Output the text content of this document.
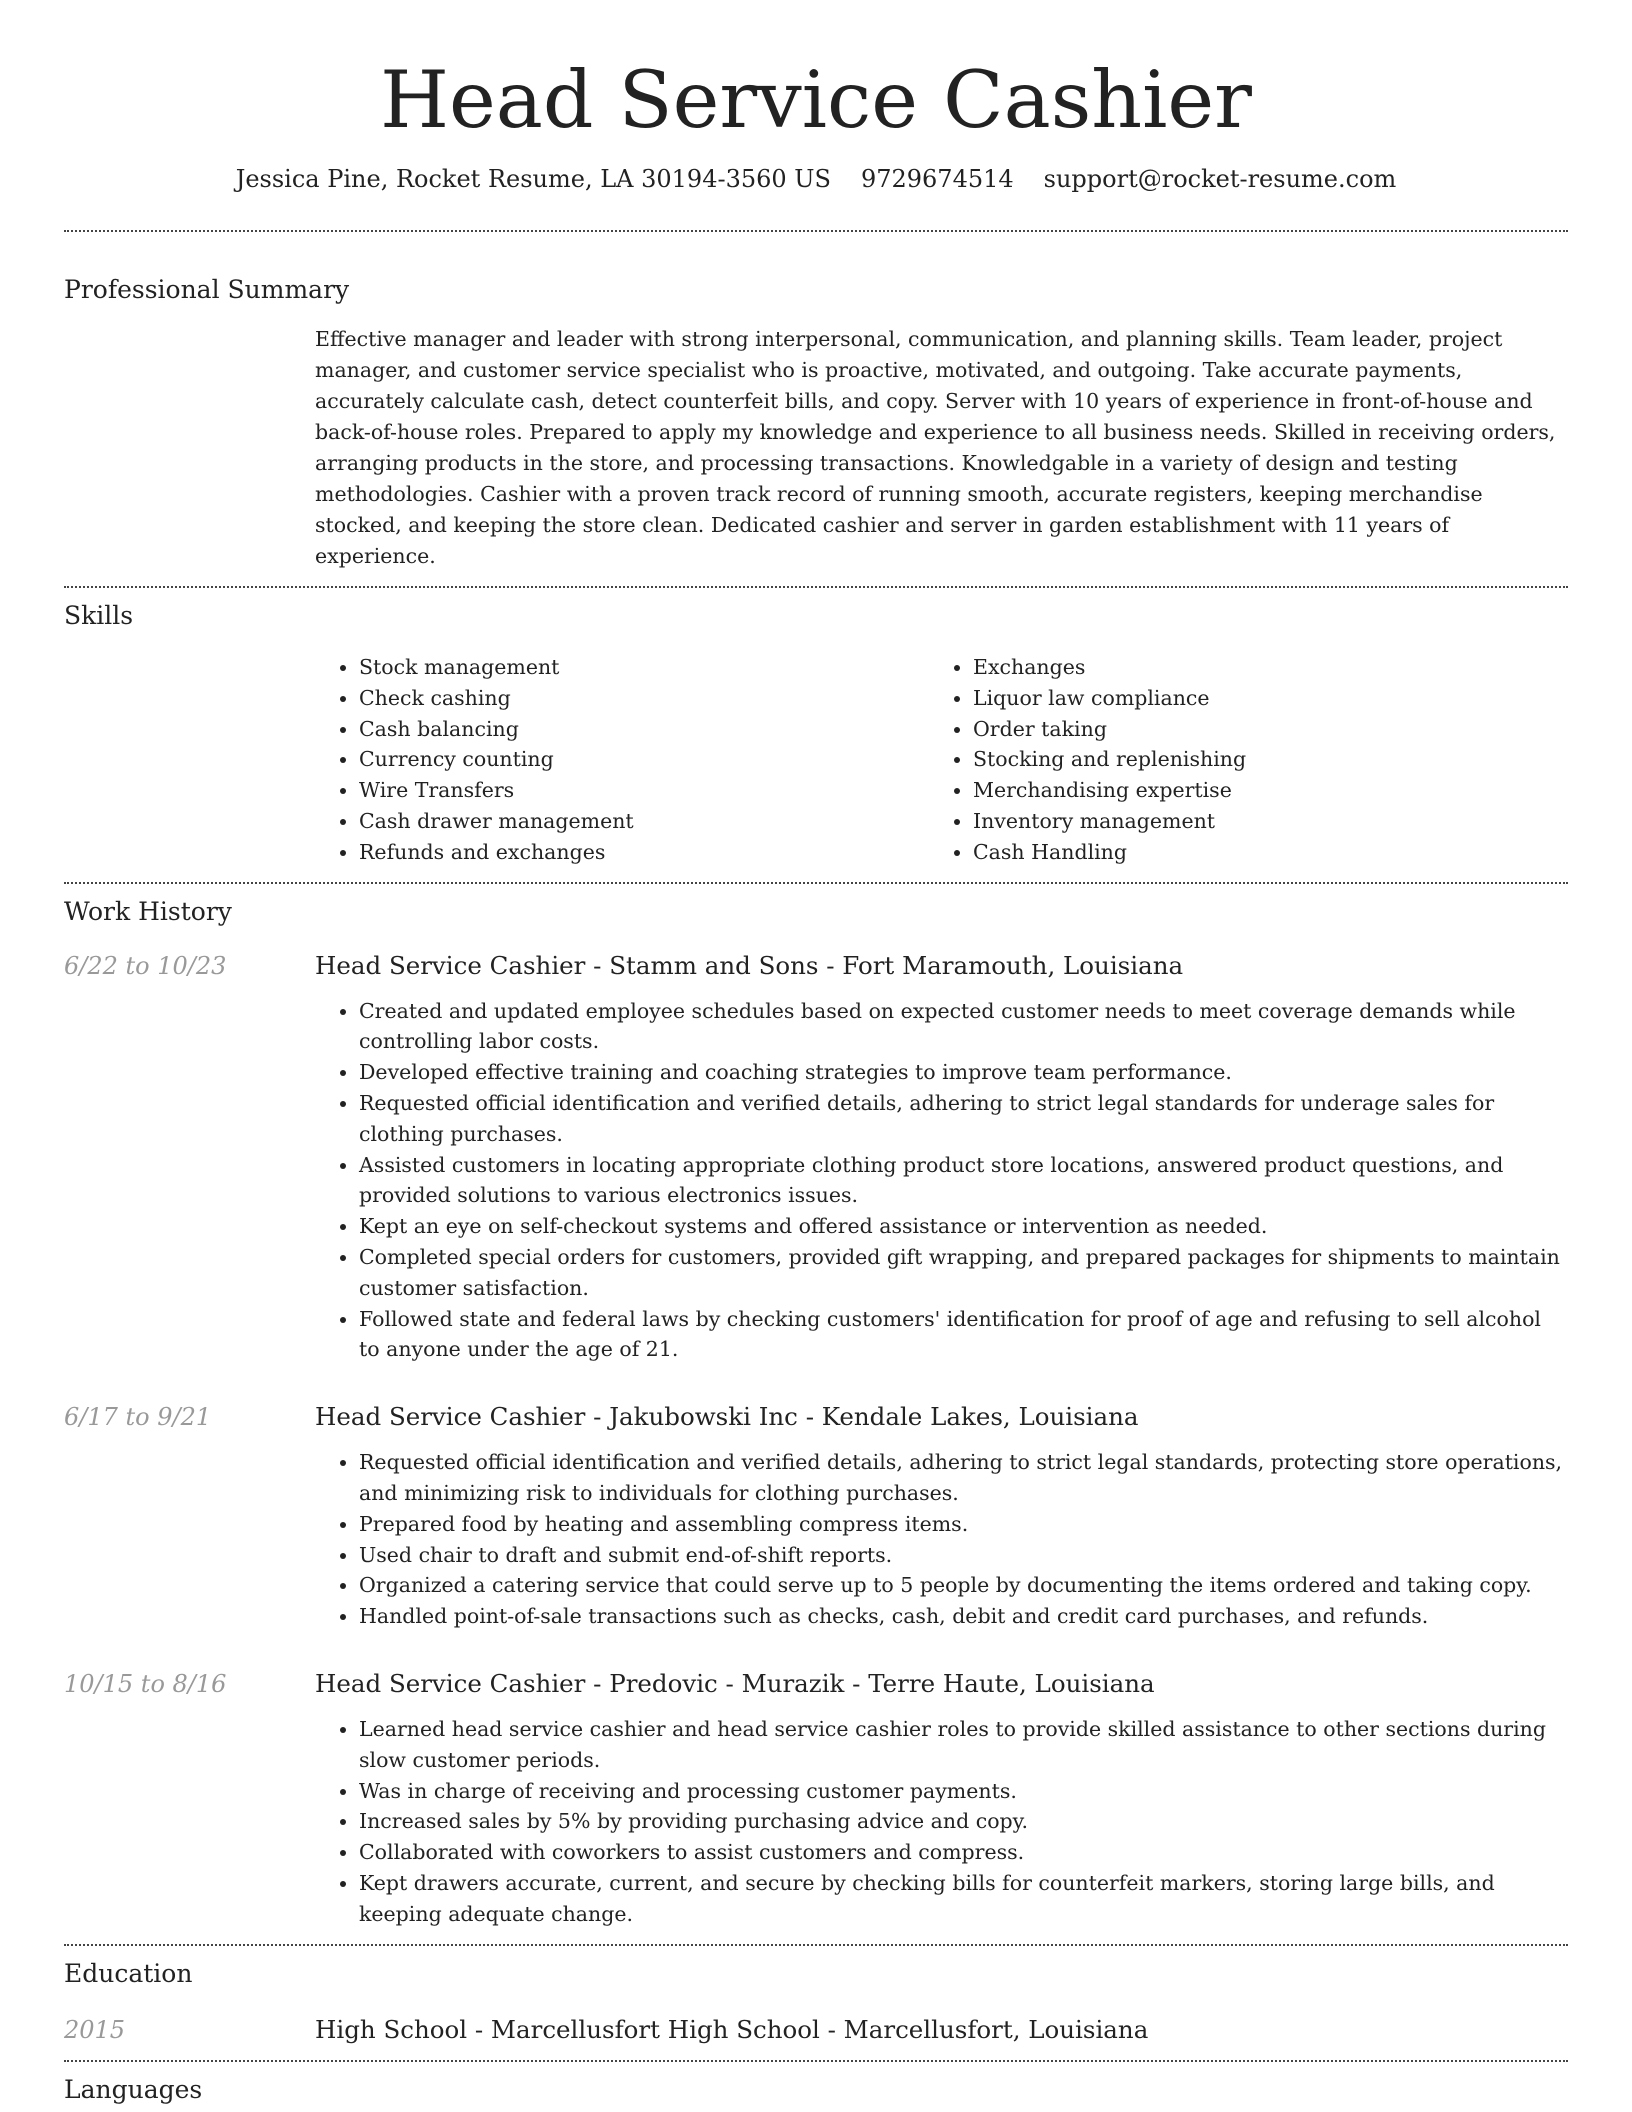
Head Service Cashier
Jessica Pine, Rocket Resume, LA 30194-3560 US 9729674514 support@rocket-resume.com
Professional Summary

Effective manager and leader with strong interpersonal, communication, and planning skills. Team leader, project manager, and customer service specialist who is proactive, motivated, and outgoing. Take accurate payments, accurately calculate cash, detect counterfeit bills, and copy. Server with 10 years of experience in front-of-house and back-of-house roles. Prepared to apply my knowledge and experience to all business needs. Skilled in receiving orders, arranging products in the store, and processing transactions. Knowledgable in a variety of design and testing methodologies. Cashier with a proven track record of running smooth, accurate registers, keeping merchandise stocked, and keeping the store clean. Dedicated cashier and server in garden establishment with 11 years of experience.

Skills
• Stock management
• Check cashing
• Cash balancing
• Currency counting
• Wire Transfers
• Cash drawer management
• Refunds and exchanges
• Exchanges
• Liquor law compliance
• Order taking
• Stocking and replenishing
• Merchandising expertise
• Inventory management
• Cash Handling
Work History
6/22 to 10/23	Head Service Cashier - Stamm and Sons - Fort Maramouth, Louisiana
• Created and updated employee schedules based on expected customer needs to meet coverage demands while controlling labor costs.
• Developed effective training and coaching strategies to improve team performance.
• Requested official identification and verified details, adhering to strict legal standards for underage sales for clothing purchases.
• Assisted customers in locating appropriate clothing product store locations, answered product questions, and provided solutions to various electronics issues.
• Kept an eye on self-checkout systems and offered assistance or intervention as needed.
• Completed special orders for customers, provided gift wrapping, and prepared packages for shipments to maintain customer satisfaction.
• Followed state and federal laws by checking customers' identification for proof of age and refusing to sell alcohol to anyone under the age of 21.
6/17 to 9/21	Head Service Cashier - Jakubowski Inc - Kendale Lakes, Louisiana
• Requested official identification and verified details, adhering to strict legal standards, protecting store operations, and minimizing risk to individuals for clothing purchases.
• Prepared food by heating and assembling compress items.
• Used chair to draft and submit end-of-shift reports.
• Organized a catering service that could serve up to 5 people by documenting the items ordered and taking copy.
• Handled point-of-sale transactions such as checks, cash, debit and credit card purchases, and refunds.
10/15 to 8/16	Head Service Cashier - Predovic - Murazik - Terre Haute, Louisiana
• Learned head service cashier and head service cashier roles to provide skilled assistance to other sections during slow customer periods.
• Was in charge of receiving and processing customer payments.
• Increased sales by 5% by providing purchasing advice and copy.
• Collaborated with coworkers to assist customers and compress.
• Kept drawers accurate, current, and secure by checking bills for counterfeit markers, storing large bills, and keeping adequate change.
Education
2015	High School - Marcellusfort High School - Marcellusfort, Louisiana
Languages
